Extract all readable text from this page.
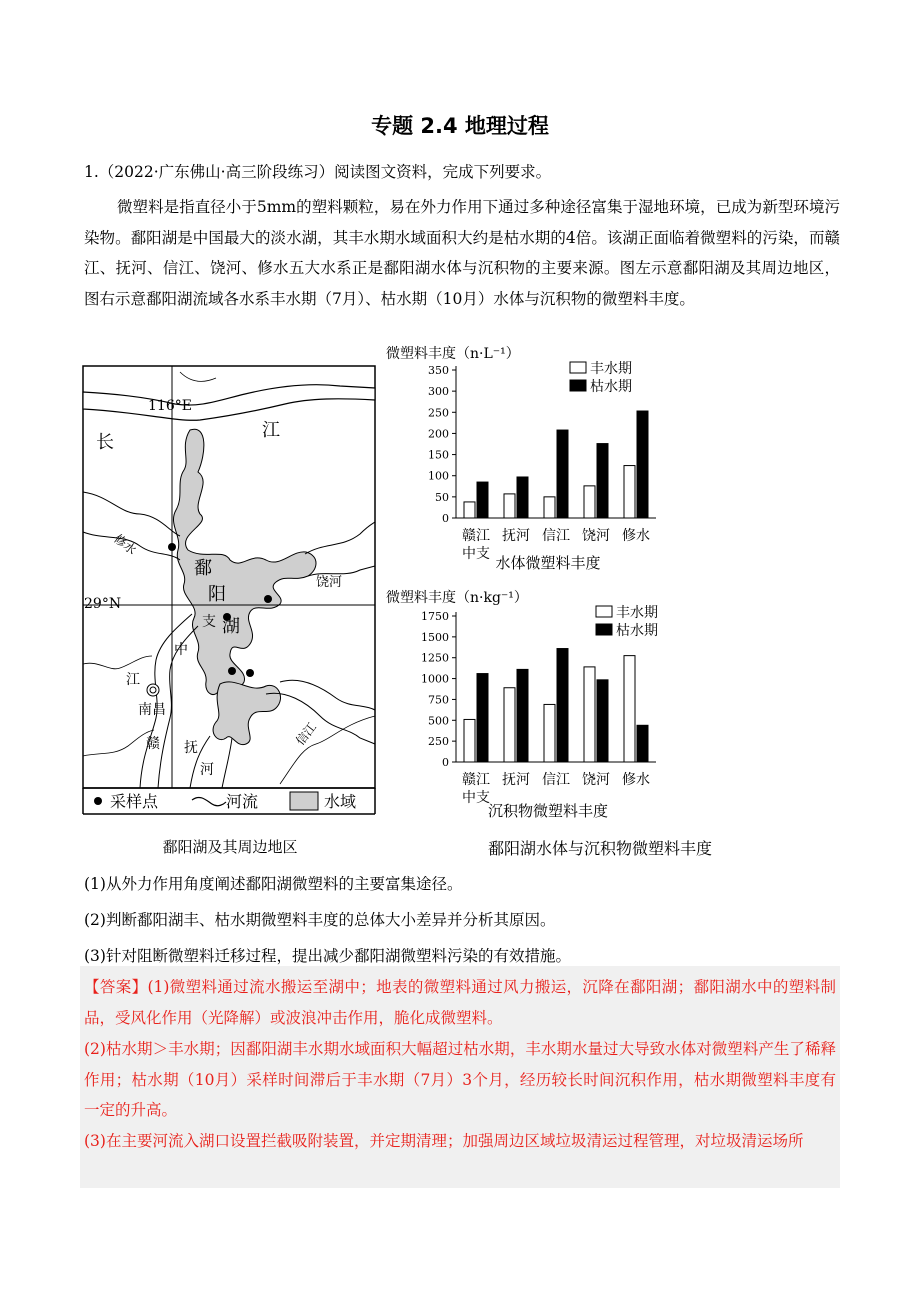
专题 2.4 地理过程
1.（2022·广东佛山·高三阶段练习）阅读图文资料，完成下列要求。
微塑料是指直径小于5mm的塑料颗粒，易在外力作用下通过多种途径富集于湿地环境，已成为新型环境污染物。鄱阳湖是中国最大的淡水湖，其丰水期水域面积大约是枯水期的4倍。该湖正面临着微塑料的污染，而赣江、抚河、信江、饶河、修水五大水系正是鄱阳湖水体与沉积物的主要来源。图左示意鄱阳湖及其周边地区，图右示意鄱阳湖流域各水系丰水期（7月）、枯水期（10月）水体与沉积物的微塑料丰度。
116°E
29°N
长
江
鄱
阳
湖
修水
饶河
信江
江
赣
支
中
南昌
抚
河
采样点	河流	水域
微塑料丰度（n·L⁻¹）
0
50
100
150
200
250
300
350
赣江
中支
抚河 信江 饶河 修水
丰水期
枯水期
水体微塑料丰度
微塑料丰度（n·kg⁻¹）
0
250
500
750
1000
1250
1500
1750
赣江
中支
抚河 信江 饶河 修水
丰水期
枯水期
沉积物微塑料丰度
鄱阳湖及其周边地区	鄱阳湖水体与沉积物微塑料丰度
(1)从外力作用角度阐述鄱阳湖微塑料的主要富集途径。
(2)判断鄱阳湖丰、枯水期微塑料丰度的总体大小差异并分析其原因。
(3)针对阻断微塑料迁移过程，提出减少鄱阳湖微塑料污染的有效措施。

【答案】(1)微塑料通过流水搬运至湖中；地表的微塑料通过风力搬运，沉降在鄱阳湖；鄱阳湖水中的塑料制品，受风化作用（光降解）或波浪冲击作用，脆化成微塑料。

(2)枯水期＞丰水期；因鄱阳湖丰水期水域面积大幅超过枯水期，丰水期水量过大导致水体对微塑料产生了稀释作用；枯水期（10月）采样时间滞后于丰水期（7月）3个月，经历较长时间沉积作用，枯水期微塑料丰度有一定的升高。

(3)在主要河流入湖口设置拦截吸附装置，并定期清理；加强周边区域垃圾清运过程管理，对垃圾清运场所
